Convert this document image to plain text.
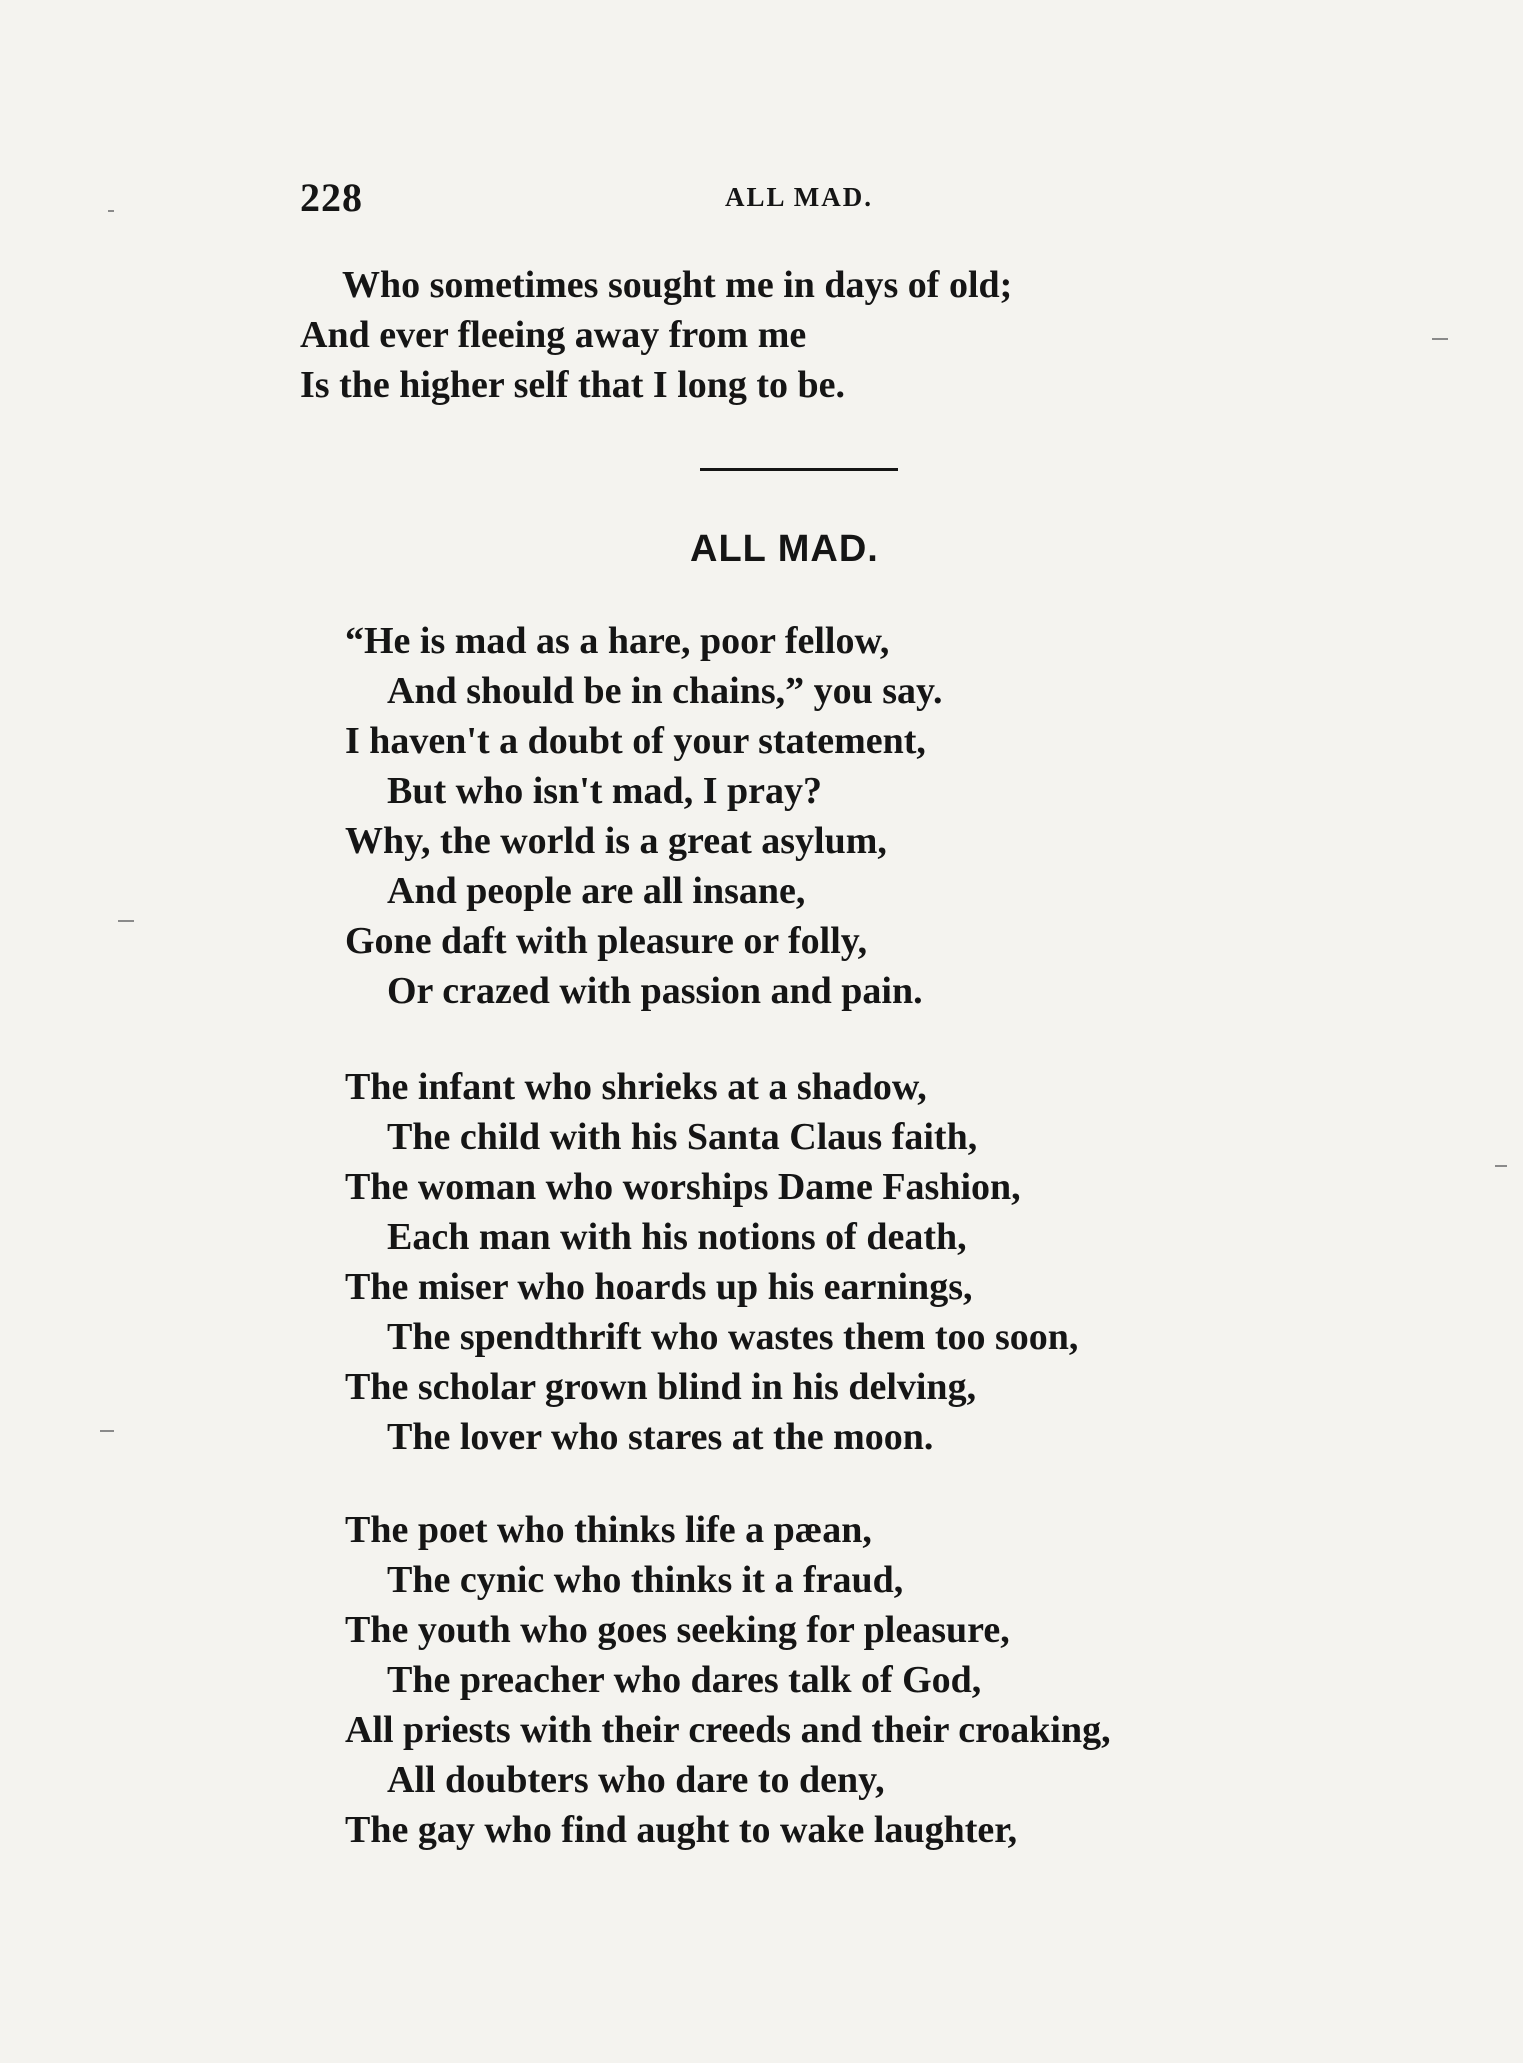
228	ALL MAD.
Who sometimes sought me in days of old;
And ever fleeing away from me
Is the higher self that I long to be.
ALL MAD.
“He is mad as a hare, poor fellow,
And should be in chains,” you say.
I haven't a doubt of your statement,
But who isn't mad, I pray?
Why, the world is a great asylum,
And people are all insane,
Gone daft with pleasure or folly,
Or crazed with passion and pain.
The infant who shrieks at a shadow,
The child with his Santa Claus faith,
The woman who worships Dame Fashion,
Each man with his notions of death,
The miser who hoards up his earnings,
The spendthrift who wastes them too soon,
The scholar grown blind in his delving,
The lover who stares at the moon.
The poet who thinks life a pæan,
The cynic who thinks it a fraud,
The youth who goes seeking for pleasure,
The preacher who dares talk of God,
All priests with their creeds and their croaking,
All doubters who dare to deny,
The gay who find aught to wake laughter,
